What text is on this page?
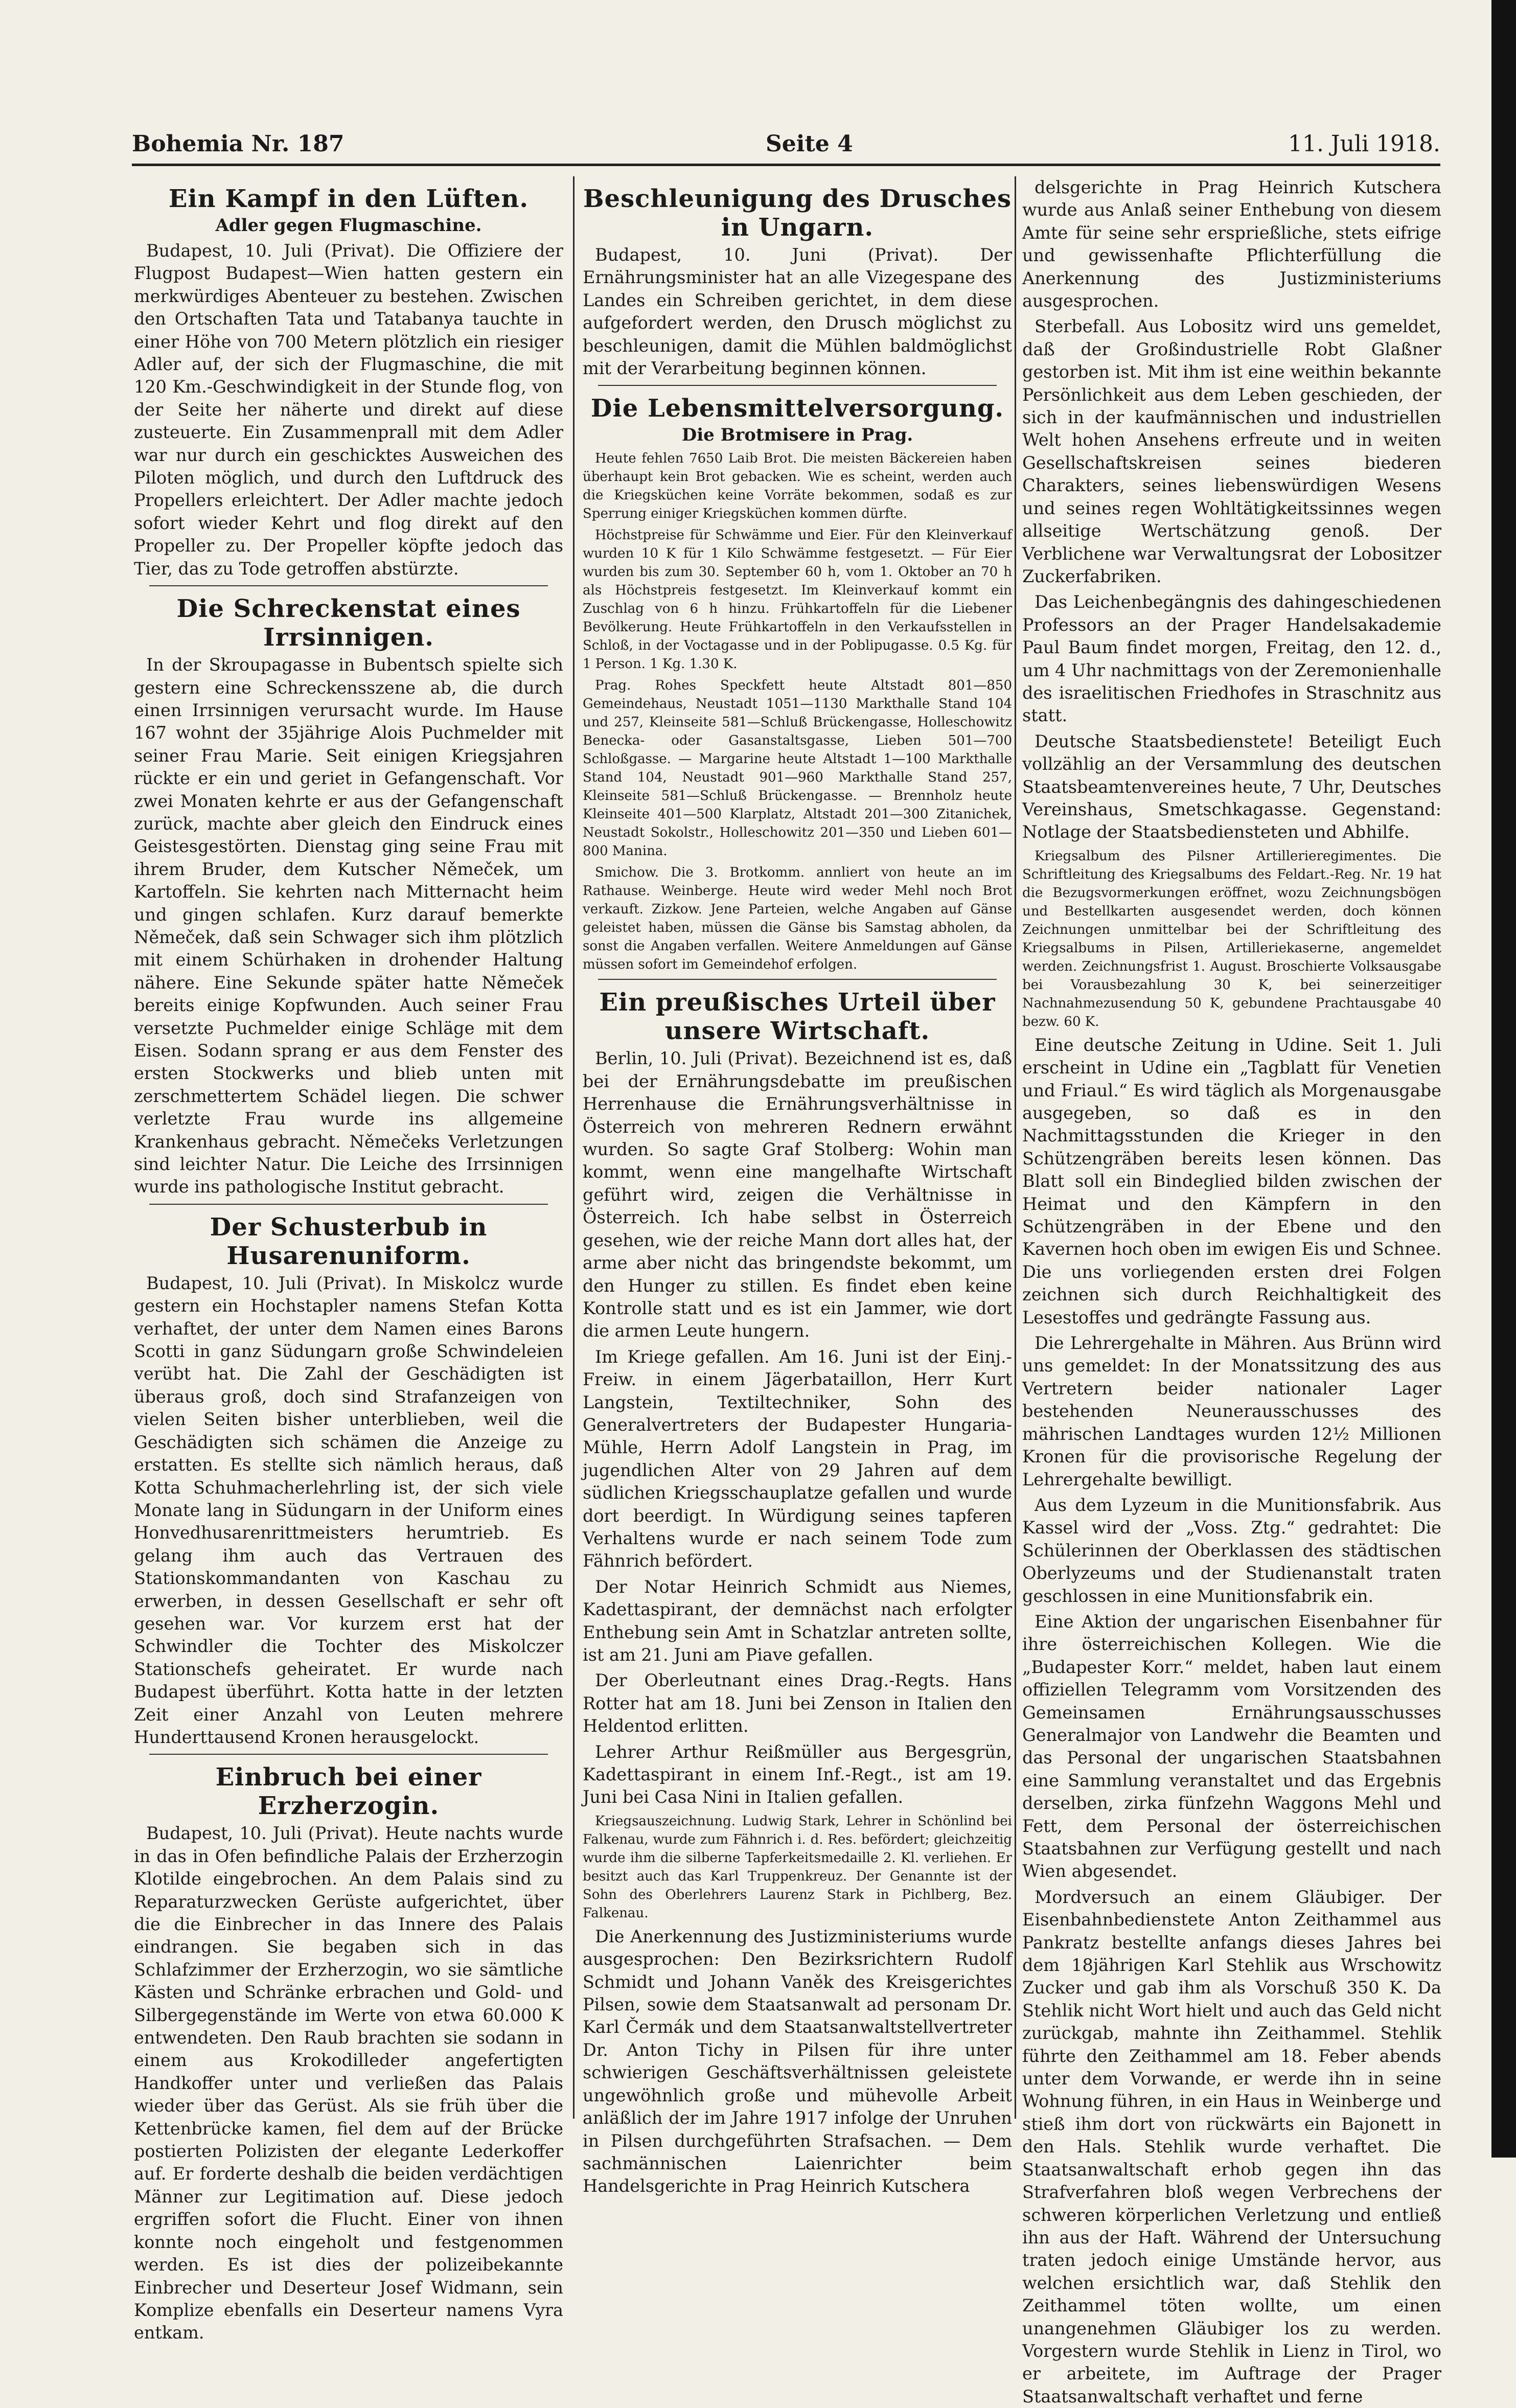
Bohemia Nr. 187	Seite 4	11. Juli 1918.
Ein Kampf in den Lüften.
Adler gegen Flugmaschine.

Budapest, 10. Juli (Privat). Die Offiziere der Flugpost Budapest—Wien hatten gestern ein merkwürdiges Abenteuer zu bestehen. Zwischen den Ortschaften Tata und Tatabanya tauchte in einer Höhe von 700 Metern plötzlich ein riesiger Adler auf, der sich der Flugmaschine, die mit 120 Km.-Geschwindigkeit in der Stunde flog, von der Seite her näherte und direkt auf diese zusteuerte. Ein Zusammenprall mit dem Adler war nur durch ein geschicktes Ausweichen des Piloten möglich, und durch den Luftdruck des Propellers erleichtert. Der Adler machte jedoch sofort wieder Kehrt und flog direkt auf den Propeller zu. Der Propeller köpfte jedoch das Tier, das zu Tode getroffen abstürzte.

Die Schreckenstat eines Irrsinnigen.

In der Skroupagasse in Bubentsch spielte sich gestern eine Schreckensszene ab, die durch einen Irrsinnigen verursacht wurde. Im Hause 167 wohnt der 35jährige Alois Puchmelder mit seiner Frau Marie. Seit einigen Kriegsjahren rückte er ein und geriet in Gefangenschaft. Vor zwei Monaten kehrte er aus der Gefangenschaft zurück, machte aber gleich den Eindruck eines Geistesgestörten. Dienstag ging seine Frau mit ihrem Bruder, dem Kutscher Němeček, um Kartoffeln. Sie kehrten nach Mitternacht heim und gingen schlafen. Kurz darauf bemerkte Němeček, daß sein Schwager sich ihm plötzlich mit einem Schürhaken in drohender Haltung nähere. Eine Sekunde später hatte Němeček bereits einige Kopfwunden. Auch seiner Frau versetzte Puchmelder einige Schläge mit dem Eisen. Sodann sprang er aus dem Fenster des ersten Stockwerks und blieb unten mit zerschmettertem Schädel liegen. Die schwer verletzte Frau wurde ins allgemeine Krankenhaus gebracht. Němečeks Verletzungen sind leichter Natur. Die Leiche des Irrsinnigen wurde ins pathologische Institut gebracht.

Der Schusterbub in Husarenuniform.

Budapest, 10. Juli (Privat). In Miskolcz wurde gestern ein Hochstapler namens Stefan Kotta verhaftet, der unter dem Namen eines Barons Scotti in ganz Südungarn große Schwindeleien verübt hat. Die Zahl der Geschädigten ist überaus groß, doch sind Strafanzeigen von vielen Seiten bisher unterblieben, weil die Geschädigten sich schämen die Anzeige zu erstatten. Es stellte sich nämlich heraus, daß Kotta Schuhmacherlehrling ist, der sich viele Monate lang in Südungarn in der Uniform eines Honvedhusarenrittmeisters herumtrieb. Es gelang ihm auch das Vertrauen des Stationskommandanten von Kaschau zu erwerben, in dessen Gesellschaft er sehr oft gesehen war. Vor kurzem erst hat der Schwindler die Tochter des Miskolczer Stationschefs geheiratet. Er wurde nach Budapest überführt. Kotta hatte in der letzten Zeit einer Anzahl von Leuten mehrere Hunderttausend Kronen herausgelockt.

Einbruch bei einer Erzherzogin.

Budapest, 10. Juli (Privat). Heute nachts wurde in das in Ofen befindliche Palais der Erzherzogin Klotilde eingebrochen. An dem Palais sind zu Reparaturzwecken Gerüste aufgerichtet, über die die Einbrecher in das Innere des Palais eindrangen. Sie begaben sich in das Schlafzimmer der Erzherzogin, wo sie sämtliche Kästen und Schränke erbrachen und Gold- und Silbergegenstände im Werte von etwa 60.000 K entwendeten. Den Raub brachten sie sodann in einem aus Krokodilleder angefertigten Handkoffer unter und verließen das Palais wieder über das Gerüst. Als sie früh über die Kettenbrücke kamen, fiel dem auf der Brücke postierten Polizisten der elegante Lederkoffer auf. Er forderte deshalb die beiden verdächtigen Männer zur Legitimation auf. Diese jedoch ergriffen sofort die Flucht. Einer von ihnen konnte noch eingeholt und festgenommen werden. Es ist dies der polizeibekannte Einbrecher und Deserteur Josef Widmann, sein Komplize ebenfalls ein Deserteur namens Vyra entkam.

Beschleunigung des Drusches in Ungarn.

Budapest, 10. Juni (Privat). Der Ernährungsminister hat an alle Vizegespane des Landes ein Schreiben gerichtet, in dem diese aufgefordert werden, den Drusch möglichst zu beschleunigen, damit die Mühlen baldmöglichst mit der Verarbeitung beginnen können.

Die Lebensmittelversorgung.
Die Brotmisere in Prag.

Heute fehlen 7650 Laib Brot. Die meisten Bäckereien haben überhaupt kein Brot gebacken. Wie es scheint, werden auch die Kriegsküchen keine Vorräte bekommen, sodaß es zur Sperrung einiger Kriegsküchen kommen dürfte.

Höchstpreise für Schwämme und Eier. Für den Kleinverkauf wurden 10 K für 1 Kilo Schwämme festgesetzt. — Für Eier wurden bis zum 30. September 60 h, vom 1. Oktober an 70 h als Höchstpreis festgesetzt. Im Kleinverkauf kommt ein Zuschlag von 6 h hinzu. Frühkartoffeln für die Liebener Bevölkerung. Heute Frühkartoffeln in den Verkaufsstellen in Schloß, in der Voctagasse und in der Poblipugasse. 0.5 Kg. für 1 Person. 1 Kg. 1.30 K.

Prag. Rohes Speckfett heute Altstadt 801—850 Gemeindehaus, Neustadt 1051—1130 Markthalle Stand 104 und 257, Kleinseite 581—Schluß Brückengasse, Holleschowitz Benecka- oder Gasanstaltsgasse, Lieben 501—700 Schloßgasse. — Margarine heute Altstadt 1—100 Markthalle Stand 104, Neustadt 901—960 Markthalle Stand 257, Kleinseite 581—Schluß Brückengasse. — Brennholz heute Kleinseite 401—500 Klarplatz, Altstadt 201—300 Zitanichek, Neustadt Sokolstr., Holleschowitz 201—350 und Lieben 601—800 Manina.

Smichow. Die 3. Brotkomm. annliert von heute an im Rathause. Weinberge. Heute wird weder Mehl noch Brot verkauft. Zizkow. Jene Parteien, welche Angaben auf Gänse geleistet haben, müssen die Gänse bis Samstag abholen, da sonst die Angaben verfallen. Weitere Anmeldungen auf Gänse müssen sofort im Gemeindehof erfolgen.

Ein preußisches Urteil über unsere Wirtschaft.

Berlin, 10. Juli (Privat). Bezeichnend ist es, daß bei der Ernährungsdebatte im preußischen Herrenhause die Ernährungsverhältnisse in Österreich von mehreren Rednern erwähnt wurden. So sagte Graf Stolberg: Wohin man kommt, wenn eine mangelhafte Wirtschaft geführt wird, zeigen die Verhältnisse in Österreich. Ich habe selbst in Österreich gesehen, wie der reiche Mann dort alles hat, der arme aber nicht das bringendste bekommt, um den Hunger zu stillen. Es findet eben keine Kontrolle statt und es ist ein Jammer, wie dort die armen Leute hungern.

Im Kriege gefallen. Am 16. Juni ist der Einj.-Freiw. in einem Jägerbataillon, Herr Kurt Langstein, Textiltechniker, Sohn des Generalvertreters der Budapester Hungaria-Mühle, Herrn Adolf Langstein in Prag, im jugendlichen Alter von 29 Jahren auf dem südlichen Kriegsschauplatze gefallen und wurde dort beerdigt. In Würdigung seines tapferen Verhaltens wurde er nach seinem Tode zum Fähnrich befördert.

Der Notar Heinrich Schmidt aus Niemes, Kadettaspirant, der demnächst nach erfolgter Enthebung sein Amt in Schatzlar antreten sollte, ist am 21. Juni am Piave gefallen.

Der Oberleutnant eines Drag.-Regts. Hans Rotter hat am 18. Juni bei Zenson in Italien den Heldentod erlitten.

Lehrer Arthur Reißmüller aus Bergesgrün, Kadettaspirant in einem Inf.-Regt., ist am 19. Juni bei Casa Nini in Italien gefallen.

Kriegsauszeichnung. Ludwig Stark, Lehrer in Schönlind bei Falkenau, wurde zum Fähnrich i. d. Res. befördert; gleichzeitig wurde ihm die silberne Tapferkeitsmedaille 2. Kl. verliehen. Er besitzt auch das Karl Truppenkreuz. Der Genannte ist der Sohn des Oberlehrers Laurenz Stark in Pichlberg, Bez. Falkenau.

Die Anerkennung des Justizministeriums wurde ausgesprochen: Den Bezirksrichtern Rudolf Schmidt und Johann Vaněk des Kreisgerichtes Pilsen, sowie dem Staatsanwalt ad personam Dr. Karl Čermák und dem Staatsanwaltstellvertreter Dr. Anton Tichy in Pilsen für ihre unter schwierigen Geschäftsverhältnissen geleistete ungewöhnlich große und mühevolle Arbeit anläßlich der im Jahre 1917 infolge der Unruhen in Pilsen durchgeführten Strafsachen. — Dem sachmännischen Laienrichter beim Handelsgerichte in Prag Heinrich Kutschera

delsgerichte in Prag Heinrich Kutschera wurde aus Anlaß seiner Enthebung von diesem Amte für seine sehr ersprießliche, stets eifrige und gewissenhafte Pflichterfüllung die Anerkennung des Justizministeriums ausgesprochen.

Sterbefall. Aus Lobositz wird uns gemeldet, daß der Großindustrielle Robt Glaßner gestorben ist. Mit ihm ist eine weithin bekannte Persönlichkeit aus dem Leben geschieden, der sich in der kaufmännischen und industriellen Welt hohen Ansehens erfreute und in weiten Gesellschaftskreisen seines biederen Charakters, seines liebenswürdigen Wesens und seines regen Wohltätigkeitssinnes wegen allseitige Wertschätzung genoß. Der Verblichene war Verwaltungsrat der Lobositzer Zuckerfabriken.

Das Leichenbegängnis des dahingeschiedenen Professors an der Prager Handelsakademie Paul Baum findet morgen, Freitag, den 12. d., um 4 Uhr nachmittags von der Zeremonienhalle des israelitischen Friedhofes in Straschnitz aus statt.

Deutsche Staatsbedienstete! Beteiligt Euch vollzählig an der Versammlung des deutschen Staatsbeamtenvereines heute, 7 Uhr, Deutsches Vereinshaus, Smetschkagasse. Gegenstand: Notlage der Staatsbediensteten und Abhilfe.

Kriegsalbum des Pilsner Artillerieregimentes. Die Schriftleitung des Kriegsalbums des Feldart.-Reg. Nr. 19 hat die Bezugsvormerkungen eröffnet, wozu Zeichnungsbögen und Bestellkarten ausgesendet werden, doch können Zeichnungen unmittelbar bei der Schriftleitung des Kriegsalbums in Pilsen, Artilleriekaserne, angemeldet werden. Zeichnungsfrist 1. August. Broschierte Volksausgabe bei Vorausbezahlung 30 K, bei seinerzeitiger Nachnahmezusendung 50 K, gebundene Prachtausgabe 40 bezw. 60 K.

Eine deutsche Zeitung in Udine. Seit 1. Juli erscheint in Udine ein „Tagblatt für Venetien und Friaul.“ Es wird täglich als Morgenausgabe ausgegeben, so daß es in den Nachmittagsstunden die Krieger in den Schützengräben bereits lesen können. Das Blatt soll ein Bindeglied bilden zwischen der Heimat und den Kämpfern in den Schützengräben in der Ebene und den Kavernen hoch oben im ewigen Eis und Schnee. Die uns vorliegenden ersten drei Folgen zeichnen sich durch Reichhaltigkeit des Lesestoffes und gedrängte Fassung aus.

Die Lehrergehalte in Mähren. Aus Brünn wird uns gemeldet: In der Monatssitzung des aus Vertretern beider nationaler Lager bestehenden Neunerausschusses des mährischen Landtages wurden 12½ Millionen Kronen für die provisorische Regelung der Lehrergehalte bewilligt.

Aus dem Lyzeum in die Munitionsfabrik. Aus Kassel wird der „Voss. Ztg.“ gedrahtet: Die Schülerinnen der Oberklassen des städtischen Oberlyzeums und der Studienanstalt traten geschlossen in eine Munitionsfabrik ein.

Eine Aktion der ungarischen Eisenbahner für ihre österreichischen Kollegen. Wie die „Budapester Korr.“ meldet, haben laut einem offiziellen Telegramm vom Vorsitzenden des Gemeinsamen Ernährungsausschusses Generalmajor von Landwehr die Beamten und das Personal der ungarischen Staatsbahnen eine Sammlung veranstaltet und das Ergebnis derselben, zirka fünfzehn Waggons Mehl und Fett, dem Personal der österreichischen Staatsbahnen zur Verfügung gestellt und nach Wien abgesendet.

Mordversuch an einem Gläubiger. Der Eisenbahnbedienstete Anton Zeithammel aus Pankratz bestellte anfangs dieses Jahres bei dem 18jährigen Karl Stehlik aus Wrschowitz Zucker und gab ihm als Vorschuß 350 K. Da Stehlik nicht Wort hielt und auch das Geld nicht zurückgab, mahnte ihn Zeithammel. Stehlik führte den Zeithammel am 18. Feber abends unter dem Vorwande, er werde ihn in seine Wohnung führen, in ein Haus in Weinberge und stieß ihm dort von rückwärts ein Bajonett in den Hals. Stehlik wurde verhaftet. Die Staatsanwaltschaft erhob gegen ihn das Strafverfahren bloß wegen Verbrechens der schweren körperlichen Verletzung und entließ ihn aus der Haft. Während der Untersuchung traten jedoch einige Umstände hervor, aus welchen ersichtlich war, daß Stehlik den Zeithammel töten wollte, um einen unangenehmen Gläubiger los zu werden. Vorgestern wurde Stehlik in Lienz in Tirol, wo er arbeitete, im Auftrage der Prager Staatsanwaltschaft verhaftet und ferne
